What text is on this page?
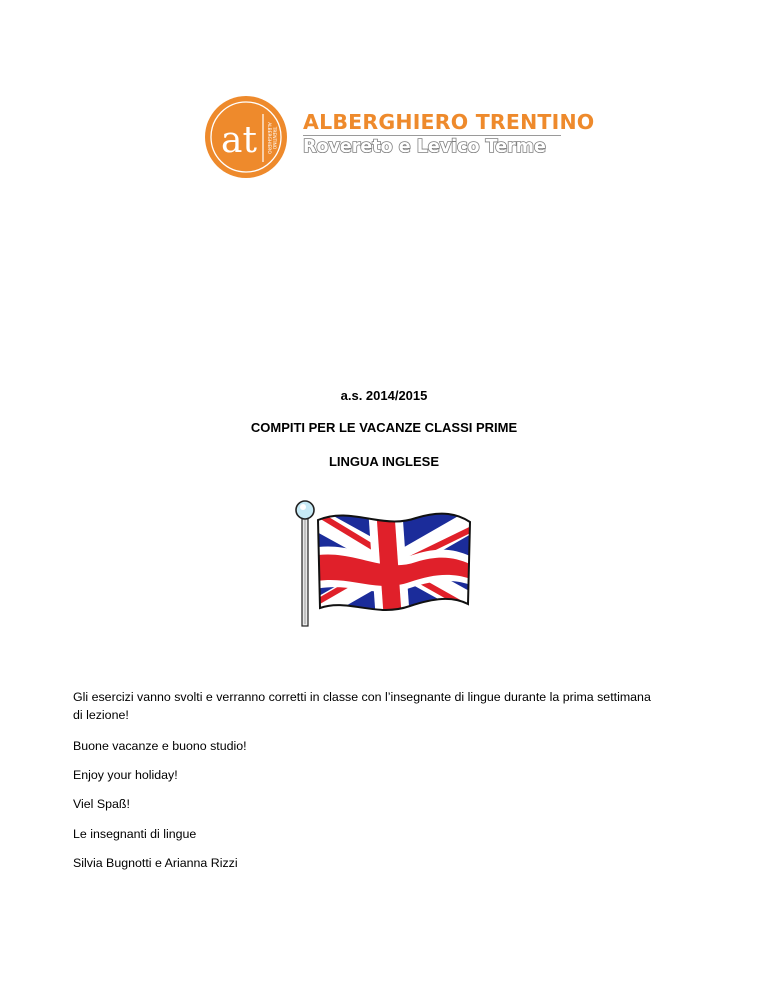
at ALBERGHIERO TRENTINO
ALBERGHIERO TRENTINO
Rovereto e Levico Terme
a.s. 2014/2015
COMPITI PER LE VACANZE CLASSI PRIME
LINGUA INGLESE
Gli esercizi vanno svolti e verranno corretti in classe con l’insegnante di lingue durante la prima settimana
di lezione!
Buone vacanze e buono studio!
Enjoy your holiday!
Viel Spaß!
Le insegnanti di lingue
Silvia Bugnotti e Arianna Rizzi
